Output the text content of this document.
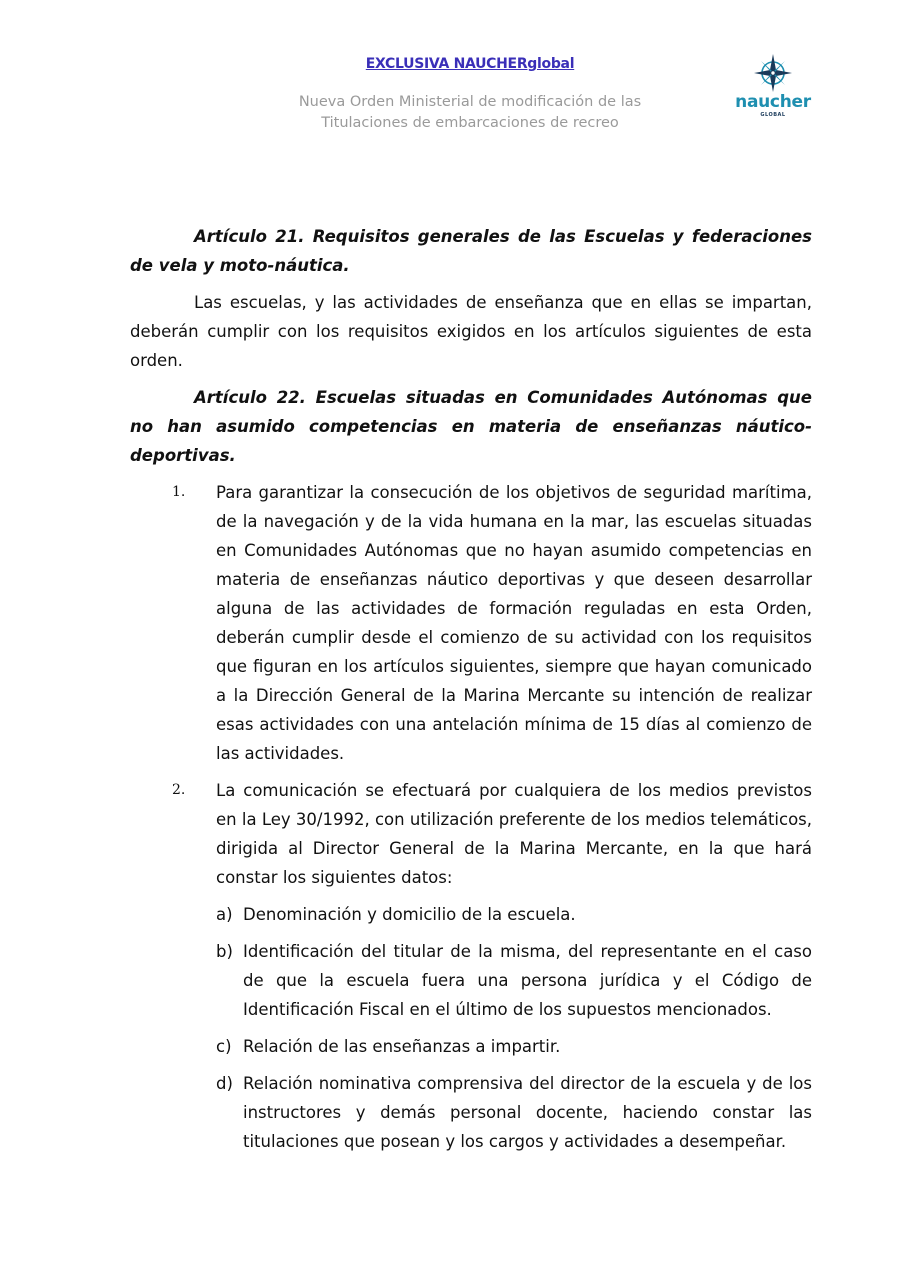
EXCLUSIVA NAUCHERglobal
Nueva Orden Ministerial de modificación de las
Titulaciones de embarcaciones de recreo
naucher
GLOBAL

Artículo 21. Requisitos generales de las Escuelas y federaciones de vela y moto-náutica.

Las escuelas, y las actividades de enseñanza que en ellas se impartan, deberán cumplir con los requisitos exigidos en los artículos siguientes de esta orden.

Artículo 22. Escuelas situadas en Comunidades Autónomas que no han asumido competencias en materia de enseñanzas náutico-deportivas.

1. Para garantizar la consecución de los objetivos de seguridad marítima, de la navegación y de la vida humana en la mar, las escuelas situadas en Comunidades Autónomas que no hayan asumido competencias en materia de enseñanzas náutico deportivas y que deseen desarrollar alguna de las actividades de formación reguladas en esta Orden, deberán cumplir desde el comienzo de su actividad con los requisitos que figuran en los artículos siguientes, siempre que hayan comunicado a la Dirección General de la Marina Mercante su intención de realizar esas actividades con una antelación mínima de 15 días al comienzo de las actividades.
2. La comunicación se efectuará por cualquiera de los medios previstos en la Ley 30/1992, con utilización preferente de los medios telemáticos, dirigida al Director General de la Marina Mercante, en la que hará constar los siguientes datos:
a) Denominación y domicilio de la escuela.
b) Identificación del titular de la misma, del representante en el caso de que la escuela fuera una persona jurídica y el Código de Identificación Fiscal en el último de los supuestos mencionados.
c) Relación de las enseñanzas a impartir.
d) Relación nominativa comprensiva del director de la escuela y de los instructores y demás personal docente, haciendo constar las titulaciones que posean y los cargos y actividades a desempeñar.
